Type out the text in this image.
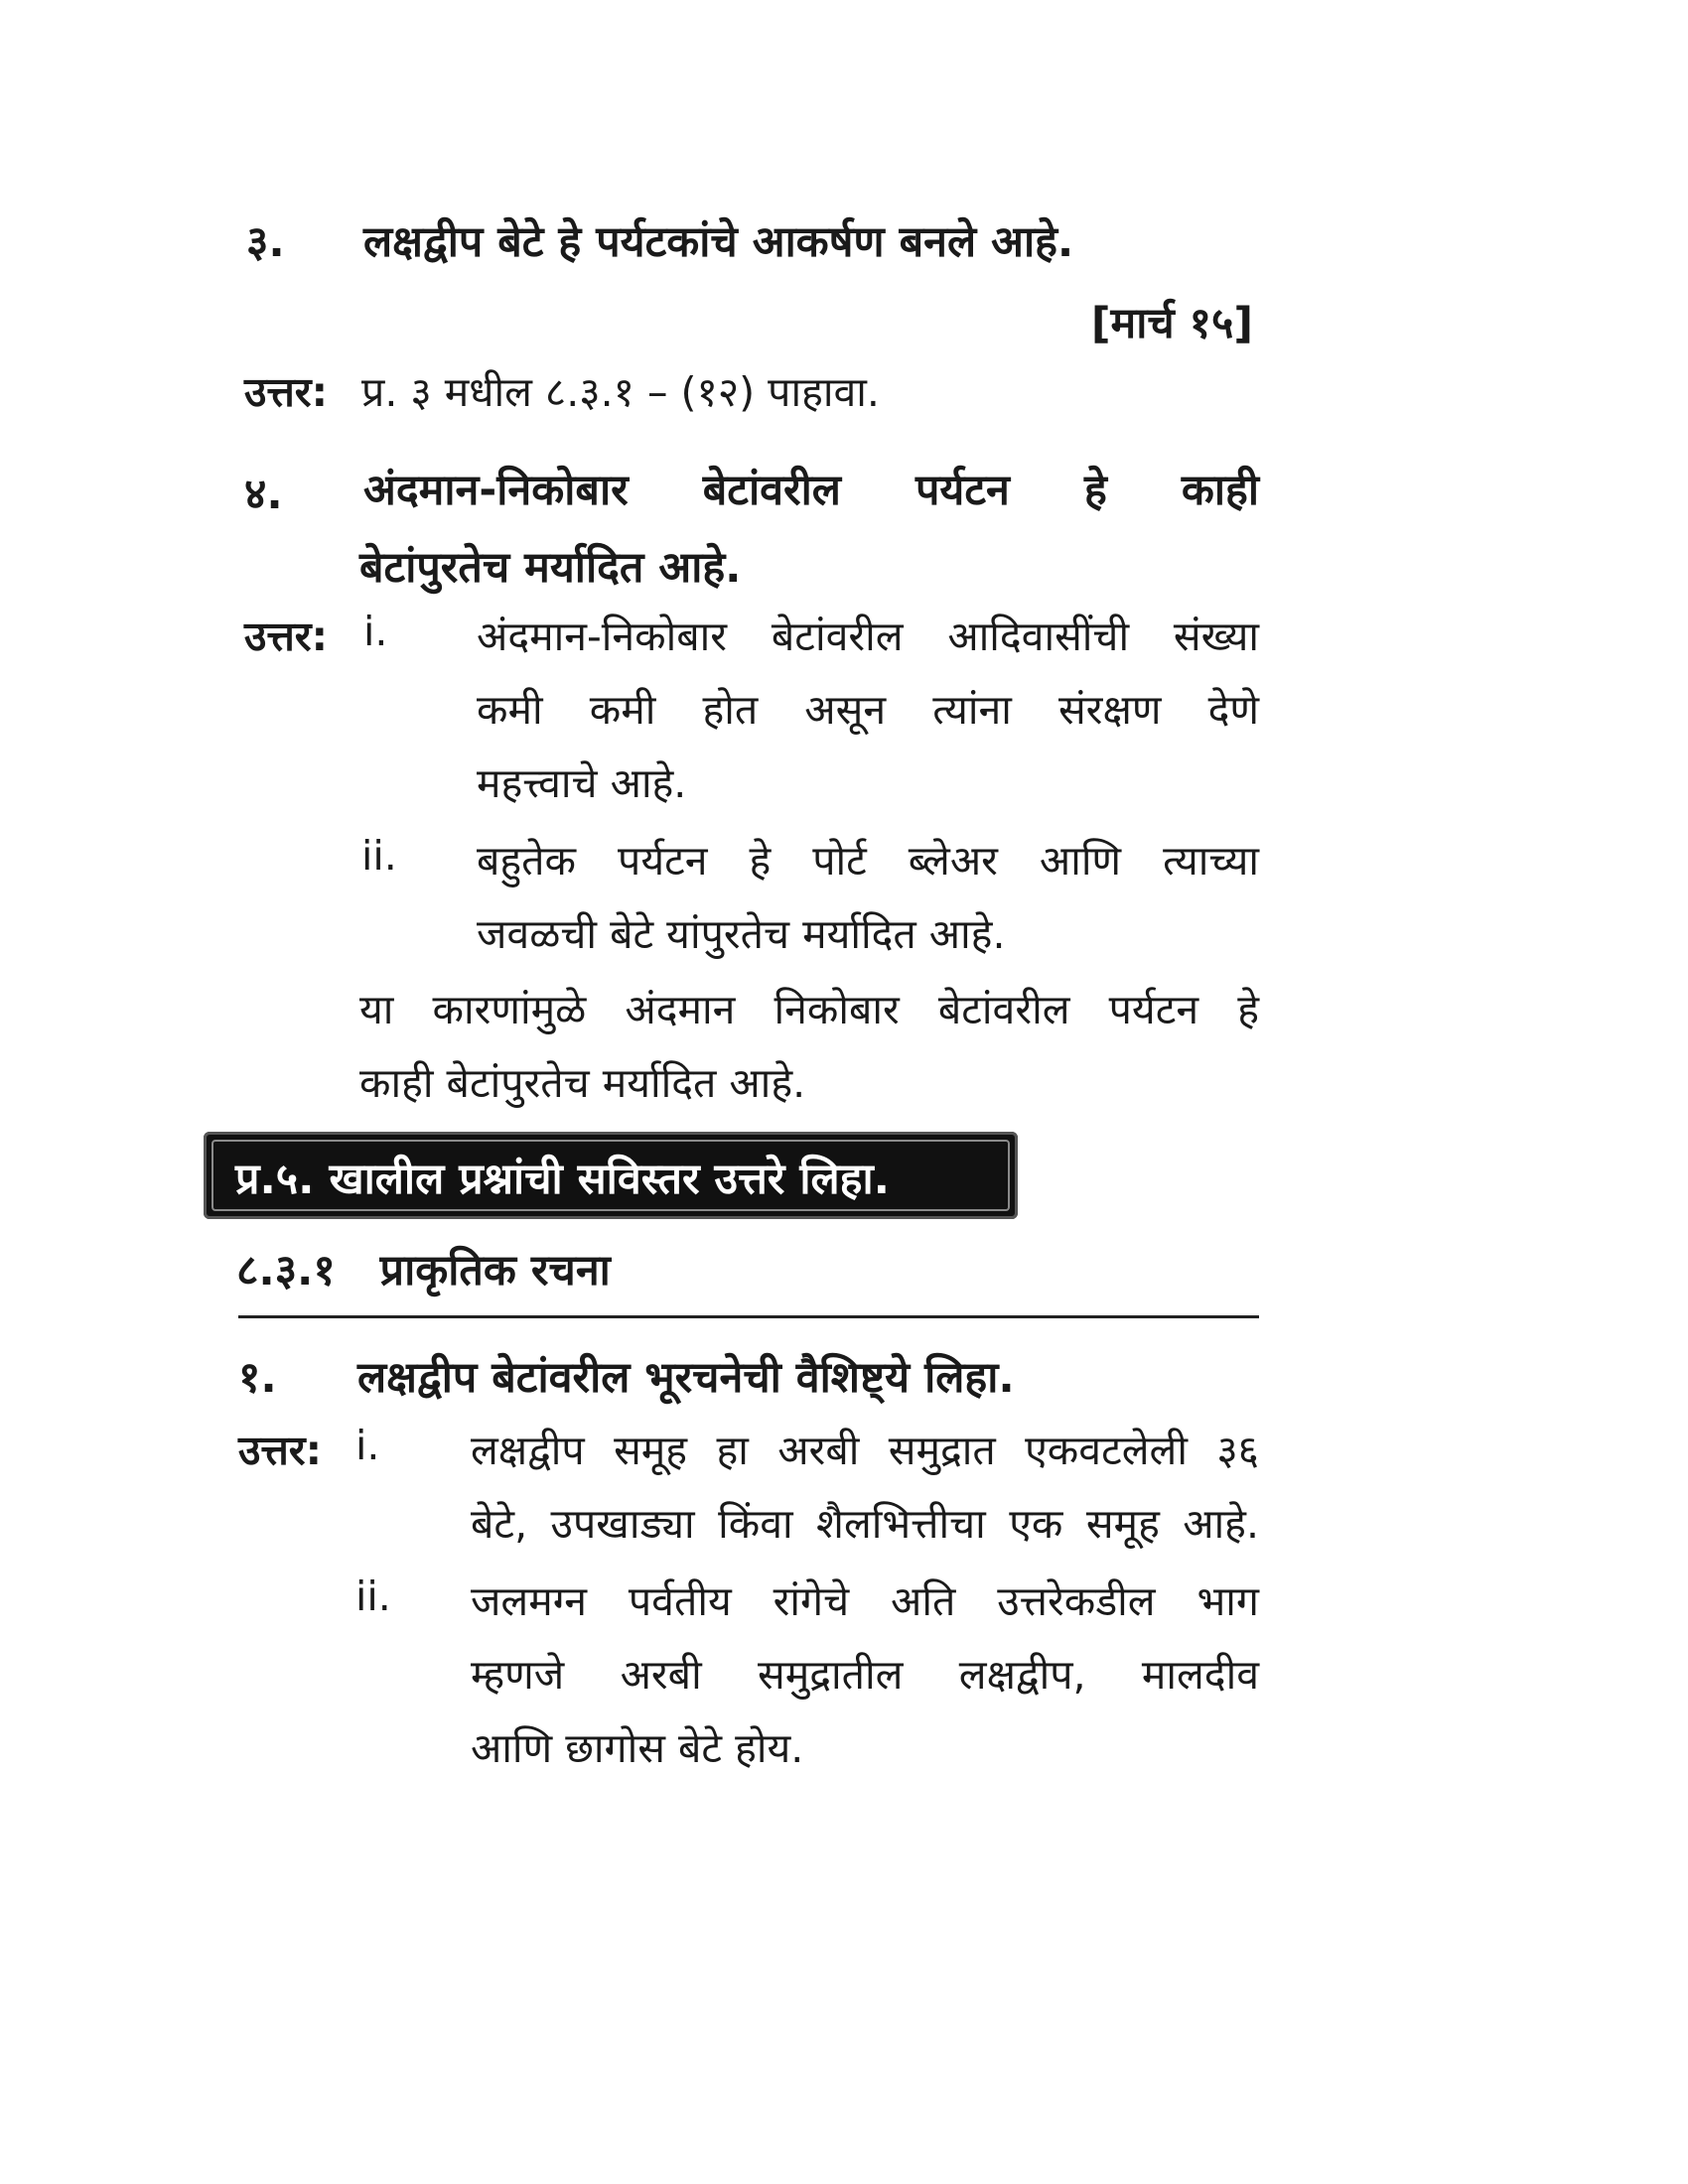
३. लक्षद्वीप बेटे हे पर्यटकांचे आकर्षण बनले आहे.
[मार्च १५]
उत्तर: प्र. ३ मधील ८.३.१ – (१२) पाहावा.
४. अंदमान-निकोबार बेटांवरील पर्यटन हे काही
बेटांपुरतेच मर्यादित आहे.
उत्तर: i. अंदमान-निकोबार बेटांवरील आदिवासींची संख्या
कमी कमी होत असून त्यांना संरक्षण देणे
महत्त्वाचे आहे.
ii. बहुतेक पर्यटन हे पोर्ट ब्लेअर आणि त्याच्या
जवळची बेटे यांपुरतेच मर्यादित आहे.
या कारणांमुळे अंदमान निकोबार बेटांवरील पर्यटन हे
काही बेटांपुरतेच मर्यादित आहे.
प्र.५. खालील प्रश्नांची सविस्तर उत्तरे लिहा.
८.३.१   प्राकृतिक रचना
१. लक्षद्वीप बेटांवरील भूरचनेची वैशिष्ट्ये लिहा.
उत्तर: i. लक्षद्वीप समूह हा अरबी समुद्रात एकवटलेली ३६
बेटे, उपखाड्या किंवा शैलभित्तीचा एक समूह आहे.
ii. जलमग्न पर्वतीय रांगेचे अति उत्तरेकडील भाग
म्हणजे अरबी समुद्रातील लक्षद्वीप, मालदीव
आणि छागोस बेटे होय.
